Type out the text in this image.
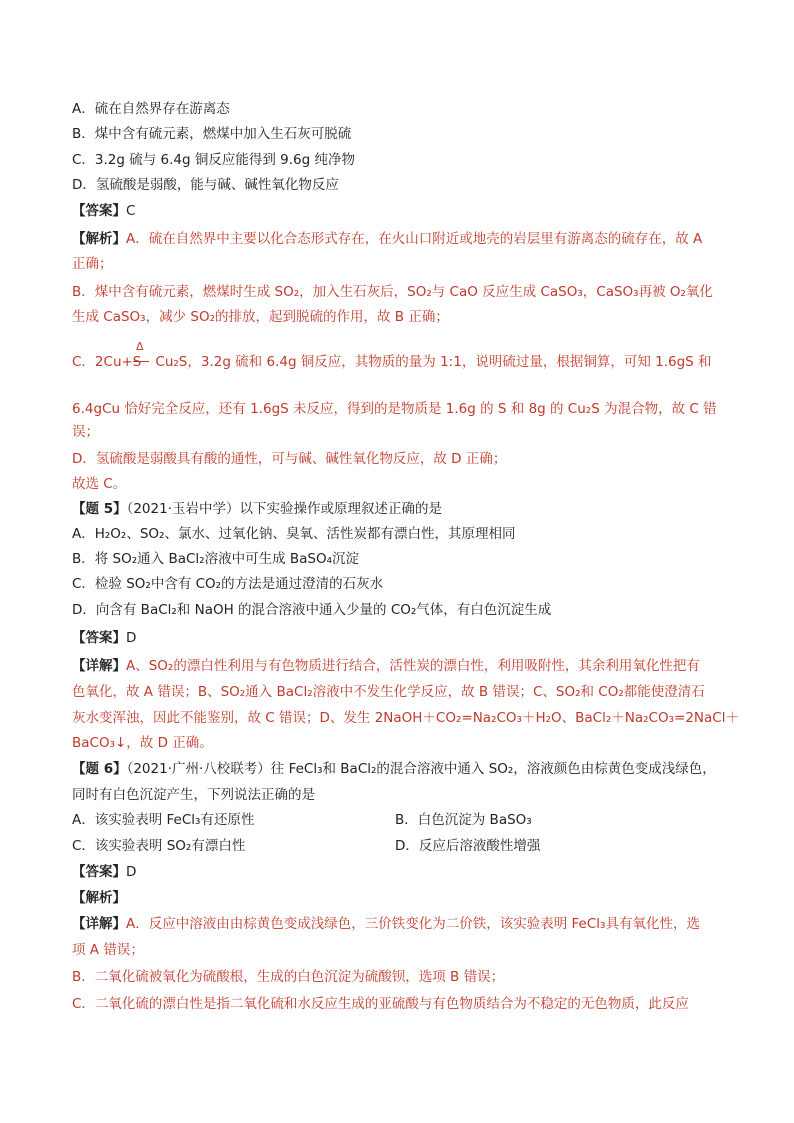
A．硫在自然界存在游离态
B．煤中含有硫元素，燃煤中加入生石灰可脱硫
C．3.2g 硫与 6.4g 铜反应能得到 9.6g 纯净物
D．氢硫酸是弱酸，能与碱、碱性氧化物反应
【答案】C
【解析】A．硫在自然界中主要以化合态形式存在，在火山口附近或地壳的岩层里有游离态的硫存在，故 A
正确；
B．煤中含有硫元素，燃煤时生成 SO₂，加入生石灰后，SO₂与 CaO 反应生成 CaSO₃，CaSO₃再被 O₂氧化
生成 CaSO₃，减少 SO₂的排放，起到脱硫的作用，故 B 正确；
Δ
C．2Cu+S Cu₂S，3.2g 硫和 6.4g 铜反应，其物质的量为 1:1，说明硫过量，根据铜算，可知 1.6gS 和
6.4gCu 恰好完全反应，还有 1.6gS 未反应，得到的是物质是 1.6g 的 S 和 8g 的 Cu₂S 为混合物，故 C 错
误；
D．氢硫酸是弱酸具有酸的通性，可与碱、碱性氧化物反应，故 D 正确；
故选 C。
【题 5】（2021·玉岩中学）以下实验操作或原理叙述正确的是
A．H₂O₂、SO₂、氯水、过氧化钠、臭氧、活性炭都有漂白性，其原理相同
B．将 SO₂通入 BaCl₂溶液中可生成 BaSO₄沉淀
C．检验 SO₂中含有 CO₂的方法是通过澄清的石灰水
D．向含有 BaCl₂和 NaOH 的混合溶液中通入少量的 CO₂气体，有白色沉淀生成
【答案】D
【详解】A、SO₂的漂白性利用与有色物质进行结合，活性炭的漂白性，利用吸附性，其余利用氧化性把有
色氧化，故 A 错误；B、SO₂通入 BaCl₂溶液中不发生化学反应，故 B 错误；C、SO₂和 CO₂都能使澄清石
灰水变浑浊，因此不能鉴别，故 C 错误；D、发生 2NaOH＋CO₂=Na₂CO₃＋H₂O、BaCl₂＋Na₂CO₃=2NaCl＋
BaCO₃↓，故 D 正确。
【题 6】（2021·广州·八校联考）往 FeCl₃和 BaCl₂的混合溶液中通入 SO₂，溶液颜色由棕黄色变成浅绿色，
同时有白色沉淀产生，下列说法正确的是
A．该实验表明 FeCl₃有还原性	B．白色沉淀为 BaSO₃
C．该实验表明 SO₂有漂白性	D．反应后溶液酸性增强
【答案】D
【解析】
【详解】A．反应中溶液由由棕黄色变成浅绿色，三价铁变化为二价铁，该实验表明 FeCl₃具有氧化性，选
项 A 错误；
B．二氧化硫被氧化为硫酸根，生成的白色沉淀为硫酸钡，选项 B 错误；
C．二氧化硫的漂白性是指二氧化硫和水反应生成的亚硫酸与有色物质结合为不稳定的无色物质，此反应
